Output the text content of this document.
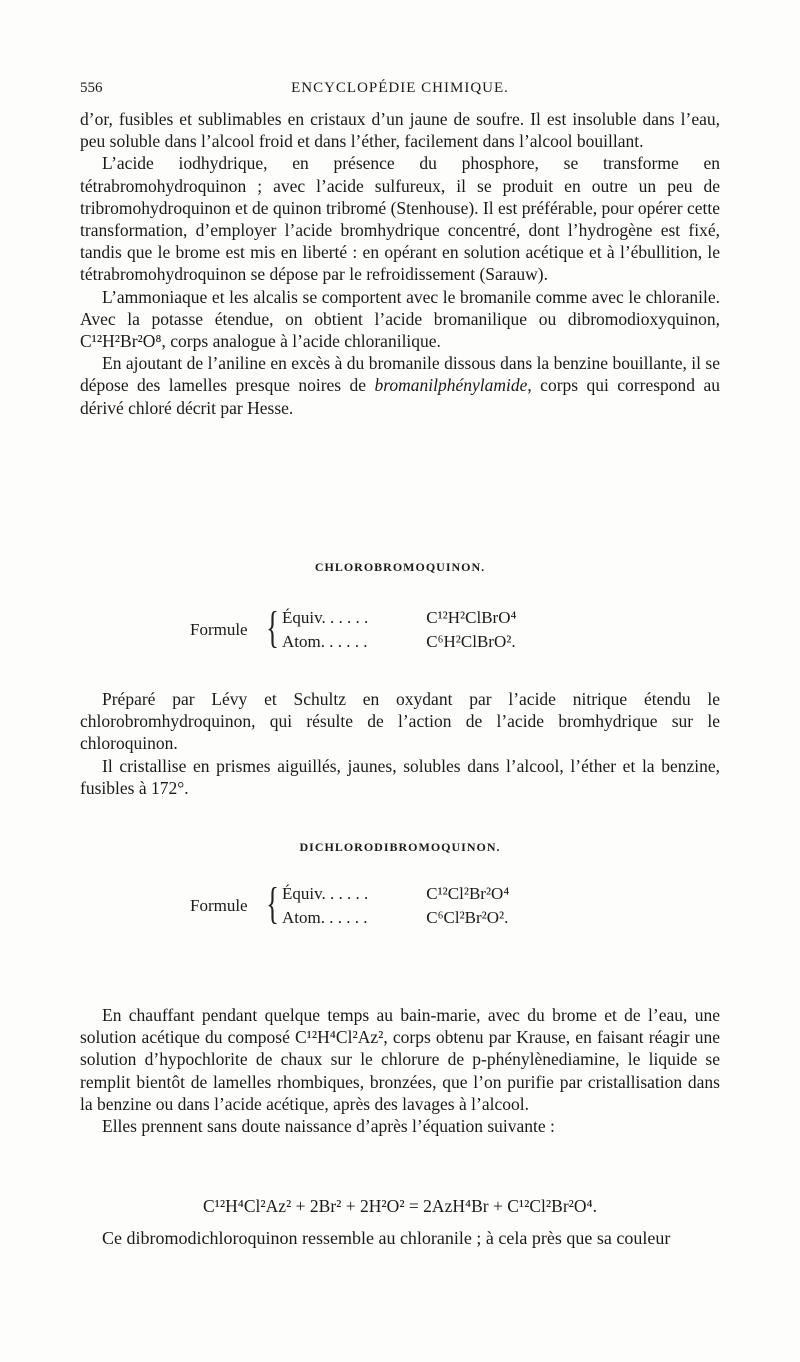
556	ENCYCLOPÉDIE CHIMIQUE.

d’or, fusibles et sublimables en cristaux d’un jaune de soufre. Il est insoluble dans l’eau, peu soluble dans l’alcool froid et dans l’éther, facilement dans l’alcool bouillant.

L’acide iodhydrique, en présence du phosphore, se transforme en tétrabromohydroquinon ; avec l’acide sulfureux, il se produit en outre un peu de tribromohydroquinon et de quinon tribromé (Stenhouse). Il est préférable, pour opérer cette transformation, d’employer l’acide bromhydrique concentré, dont l’hydrogène est fixé, tandis que le brome est mis en liberté : en opérant en solution acétique et à l’ébullition, le tétrabromohydroquinon se dépose par le refroidissement (Sarauw).

L’ammoniaque et les alcalis se comportent avec le bromanile comme avec le chloranile. Avec la potasse étendue, on obtient l’acide bromanilique ou dibromodioxyquinon, C¹²H²Br²O⁸, corps analogue à l’acide chloranilique.

En ajoutant de l’aniline en excès à du bromanile dissous dans la benzine bouillante, il se dépose des lamelles presque noires de bromanilphénylamide, corps qui correspond au dérivé chloré décrit par Hesse.

CHLOROBROMOQUINON.
Formule { Équiv. . . . . .	C¹²H²ClBrO⁴
Atom. . . . . .	C⁶H²ClBrO².

Préparé par Lévy et Schultz en oxydant par l’acide nitrique étendu le chlorobromhydroquinon, qui résulte de l’action de l’acide bromhydrique sur le chloroquinon.

Il cristallise en prismes aiguillés, jaunes, solubles dans l’alcool, l’éther et la benzine, fusibles à 172°.

DICHLORODIBROMOQUINON.
Formule { Équiv. . . . . .	C¹²Cl²Br²O⁴
Atom. . . . . .	C⁶Cl²Br²O².

En chauffant pendant quelque temps au bain-marie, avec du brome et de l’eau, une solution acétique du composé C¹²H⁴Cl²Az², corps obtenu par Krause, en faisant réagir une solution d’hypochlorite de chaux sur le chlorure de p-phénylènediamine, le liquide se remplit bientôt de lamelles rhombiques, bronzées, que l’on purifie par cristallisation dans la benzine ou dans l’acide acétique, après des lavages à l’alcool.

Elles prennent sans doute naissance d’après l’équation suivante :

C¹²H⁴Cl²Az² + 2Br² + 2H²O² = 2AzH⁴Br + C¹²Cl²Br²O⁴.
Ce dibromodichloroquinon ressemble au chloranile ; à cela près que sa couleur
